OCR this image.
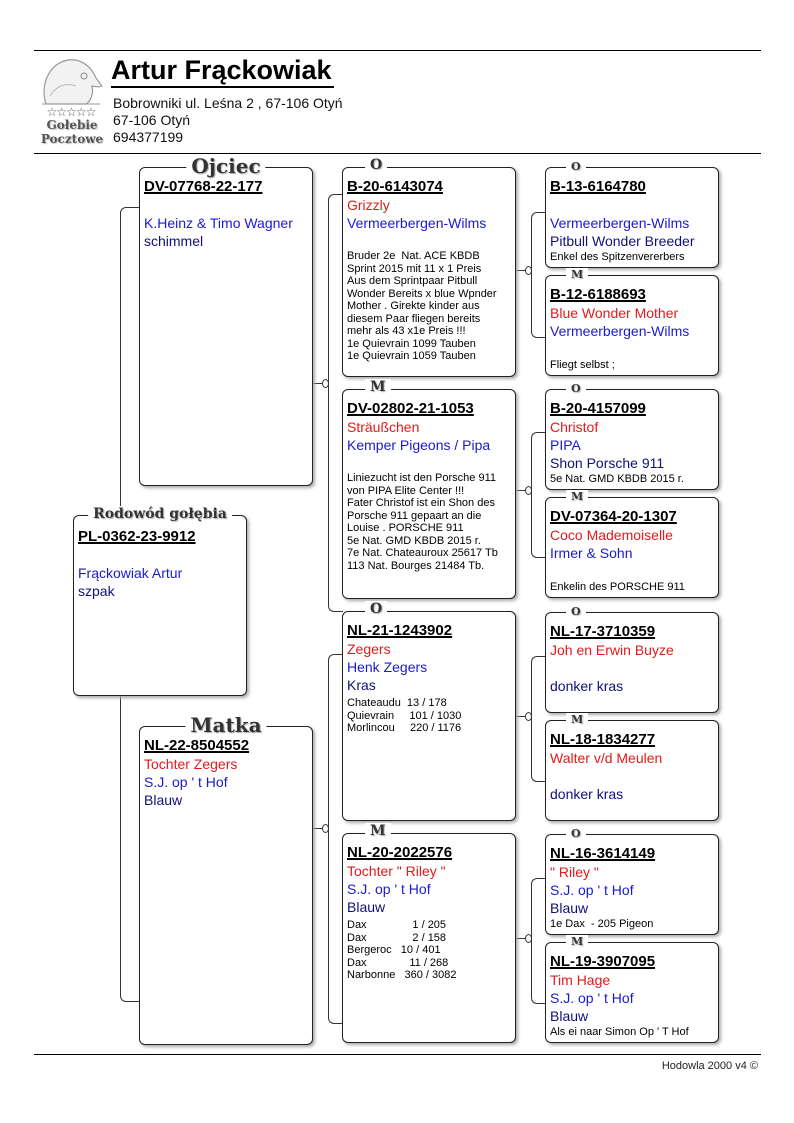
☆☆☆☆☆
Gołebie
Pocztowe
Artur Frąckowiak
Bobrowniki ul. Leśna 2 , 67-106 Otyń
67-106 Otyń
694377199
Rodowód gołębia
PL-0362-23-9912
Frąckowiak Artur
szpak
Ojciec
DV-07768-22-177
K.Heinz & Timo Wagner
schimmel
Matka
NL-22-8504552
Tochter Zegers
S.J. op ' t Hof
Blauw
O
B-20-6143074
Grizzly
Vermeerbergen-Wilms
Bruder 2e  Nat. ACE KBDB
Sprint 2015 mit 11 x 1 Preis
Aus dem Sprintpaar Pitbull
Wonder Bereits x blue Wpnder
Mother . Girekte kinder aus
diesem Paar fliegen bereits
mehr als 43 x1e Preis !!!
1e Quievrain 1099 Tauben
1e Quievrain 1059 Tauben
M
DV-02802-21-1053
Sträußchen
Kemper Pigeons / Pipa
Liniezucht ist den Porsche 911
von PIPA Elite Center !!!
Fater Christof ist ein Shon des
Porsche 911 gepaart an die
Louise . PORSCHE 911
5e Nat. GMD KBDB 2015 r.
7e Nat. Chateauroux 25617 Tb
113 Nat. Bourges 21484 Tb.
O
NL-21-1243902
Zegers
Henk Zegers
Kras
Chateaudu  13 / 178
Quievrain     101 / 1030
Morlincou     220 / 1176
M
NL-20-2022576
Tochter " Riley "
S.J. op ' t Hof
Blauw
Dax               1 / 205
Dax               2 / 158
Bergeroc   10 / 401
Dax              11 / 268
Narbonne   360 / 3082
O
B-13-6164780
Vermeerbergen-Wilms
Pitbull Wonder Breeder
Enkel des Spitzenvererbers
M
B-12-6188693
Blue Wonder Mother
Vermeerbergen-Wilms
Fliegt selbst ;
O
B-20-4157099
Christof
PIPA
Shon Porsche 911
5e Nat. GMD KBDB 2015 r.
M
DV-07364-20-1307
Coco Mademoiselle
Irmer & Sohn
Enkelin des PORSCHE 911
O
NL-17-3710359
Joh en Erwin Buyze
donker kras
M
NL-18-1834277
Walter v/d Meulen
donker kras
O
NL-16-3614149
" Riley "
S.J. op ' t Hof
Blauw
1e Dax  - 205 Pigeon
M
NL-19-3907095
Tim Hage
S.J. op ' t Hof
Blauw
Als ei naar Simon Op ' T Hof
Hodowla 2000 v4 ©
